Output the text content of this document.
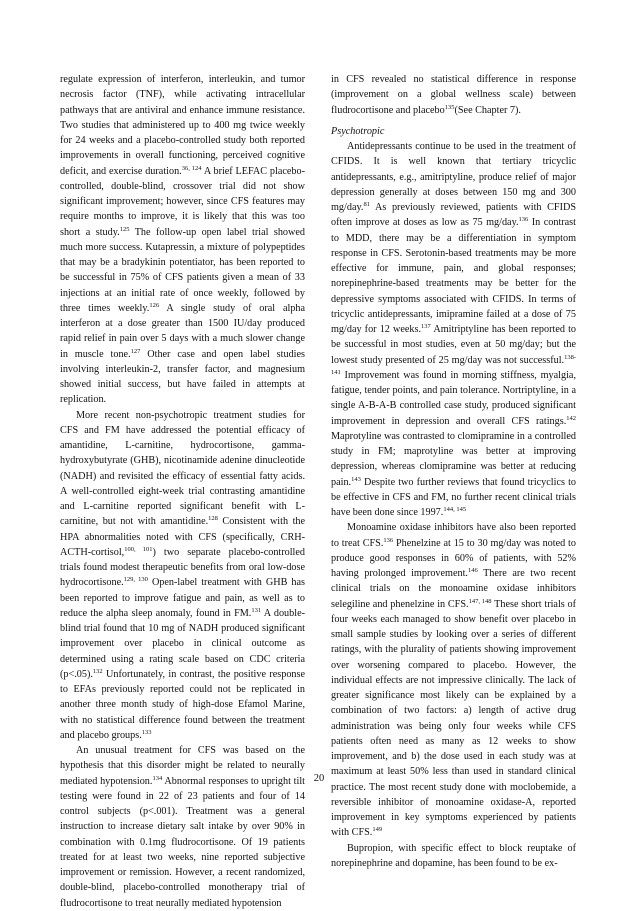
regulate expression of interferon, interleukin, and tumor necrosis factor (TNF), while activating intracellular pathways that are antiviral and enhance immune resistance. Two studies that administered up to 400 mg twice weekly for 24 weeks and a placebo-controlled study both reported improvements in overall functioning, perceived cognitive deficit, and exercise duration.$^{36, 124}$ A brief LEFAC placebo-controlled, double-blind, crossover trial did not show significant improvement; however, since CFS features may require months to improve, it is likely that this was too short a study.$^{125}$ The follow-up open label trial showed much more success. Kutapressin, a mixture of polypeptides that may be a bradykinin potentiator, has been reported to be successful in 75% of CFS patients given a mean of 33 injections at an initial rate of once weekly, followed by three times weekly.$^{126}$ A single study of oral alpha interferon at a dose greater than 1500 IU/day produced rapid relief in pain over 5 days with a much slower change in muscle tone.$^{127}$ Other case and open label studies involving interleukin-2, transfer factor, and magnesium showed initial success, but have failed in attempts at replication.

More recent non-psychotropic treatment studies for CFS and FM have addressed the potential efficacy of amantidine, L-carnitine, hydrocortisone, gamma-hydroxybutyrate (GHB), nicotinamide adenine dinucleotide (NADH) and revisited the efficacy of essential fatty acids. A well-controlled eight-week trial contrasting amantidine and L-carnitine reported significant benefit with L-carnitine, but not with amantidine.$^{128}$ Consistent with the HPA abnormalities noted with CFS (specifically, CRH-ACTH-cortisol,$^{100, 101}$) two separate placebo-controlled trials found modest therapeutic benefits from oral low-dose hydrocortisone.$^{129, 130}$ Open-label treatment with GHB has been reported to improve fatigue and pain, as well as to reduce the alpha sleep anomaly, found in FM.$^{131}$ A double-blind trial found that 10 mg of NADH produced significant improvement over placebo in clinical outcome as determined using a rating scale based on CDC criteria (p<.05).$^{132}$ Unfortunately, in contrast, the positive response to EFAs previously reported could not be replicated in another three month study of high-dose Efamol Marine, with no statistical difference found between the treatment and placebo groups.$^{133}$

An unusual treatment for CFS was based on the hypothesis that this disorder might be related to neurally mediated hypotension.$^{134}$ Abnormal responses to upright tilt testing were found in 22 of 23 patients and four of 14 control subjects (p<.001). Treatment was a general instruction to increase dietary salt intake by over 90% in combination with 0.1mg fludrocortisone. Of 19 patients treated for at least two weeks, nine reported subjective improvement or remission. However, a recent randomized, double-blind, placebo-controlled monotherapy trial of fludrocortisone to treat neurally mediated hypotension

in CFS revealed no statistical difference in response (improvement on a global wellness scale) between fludrocortisone and placebo$^{135}$(See Chapter 7).

Psychotropic

Antidepressants continue to be used in the treatment of CFIDS. It is well known that tertiary tricyclic antidepressants, e.g., amitriptyline, produce relief of major depression generally at doses between 150 mg and 300 mg/day.$^{81}$ As previously reviewed, patients with CFIDS often improve at doses as low as 75 mg/day.$^{136}$ In contrast to MDD, there may be a differentiation in symptom response in CFS. Serotonin-based treatments may be more effective for immune, pain, and global responses; norepinephrine-based treatments may be better for the depressive symptoms associated with CFIDS. In terms of tricyclic antidepressants, imipramine failed at a dose of 75 mg/day for 12 weeks.$^{137}$ Amitriptyline has been reported to be successful in most studies, even at 50 mg/day; but the lowest study presented of 25 mg/day was not successful.$^{138-141}$ Improvement was found in morning stiffness, myalgia, fatigue, tender points, and pain tolerance. Nortriptyline, in a single A-B-A-B controlled case study, produced significant improvement in depression and overall CFS ratings.$^{142}$ Maprotyline was contrasted to clomipramine in a controlled study in FM; maprotyline was better at improving depression, whereas clomipramine was better at reducing pain.$^{143}$ Despite two further reviews that found tricyclics to be effective in CFS and FM, no further recent clinical trials have been done since 1997.$^{144, 145}$

Monoamine oxidase inhibitors have also been reported to treat CFS.$^{136}$ Phenelzine at 15 to 30 mg/day was noted to produce good responses in 60% of patients, with 52% having prolonged improvement.$^{146}$ There are two recent clinical trials on the monoamine oxidase inhibitors selegiline and phenelzine in CFS.$^{147, 148}$ These short trials of four weeks each managed to show benefit over placebo in small sample studies by looking over a series of different ratings, with the plurality of patients showing improvement over worsening compared to placebo. However, the individual effects are not impressive clinically. The lack of greater significance most likely can be explained by a combination of two factors: a) length of active drug administration was being only four weeks while CFS patients often need as many as 12 weeks to show improvement, and b) the dose used in each study was at maximum at least 50% less than used in standard clinical practice. The most recent study done with moclobemide, a reversible inhibitor of monoamine oxidase-A, reported improvement in key symptoms experienced by patients with CFS.$^{149}$

Bupropion, with specific effect to block reuptake of norepinephrine and dopamine, has been found to be ex-

20
